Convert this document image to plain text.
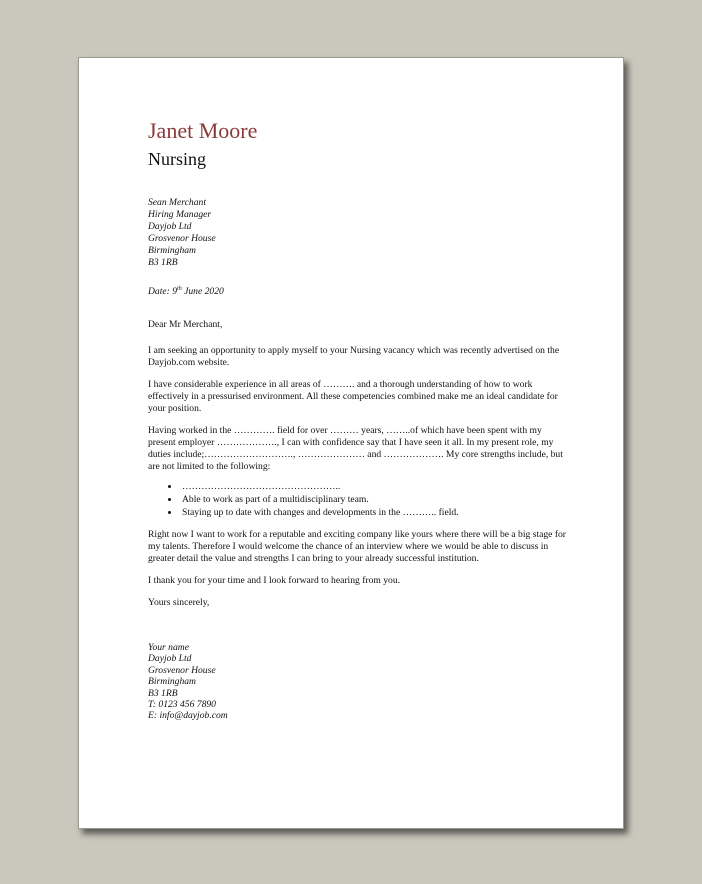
Janet Moore
Nursing
Sean Merchant
Hiring Manager
Dayjob Ltd
Grosvenor House
Birmingham
B3 1RB
Date: 9th June 2020

Dear Mr Merchant,

I am seeking an opportunity to apply myself to your Nursing vacancy which was recently advertised on the Dayjob.com website.

I have considerable experience in all areas of ………. and a thorough understanding of how to work effectively in a pressurised environment. All these competencies combined make me an ideal candidate for your position.

Having worked in the …………. field for over ……… years, ……..of which have been spent with my present employer ………………., I can with confidence say that I have seen it all. In my present role, my duties include;………………………., ………………… and ………………. My core strengths include, but are not limited to the following:

• …………………………………………..
• Able to work as part of a multidisciplinary team.
• Staying up to date with changes and developments in the ……….. field.

Right now I want to work for a reputable and exciting company like yours where there will be a big stage for my talents. Therefore I would welcome the chance of an interview where we would be able to discuss in greater detail the value and strengths I can bring to your already successful institution.

I thank you for your time and I look forward to hearing from you.

Yours sincerely,

Your name
Dayjob Ltd
Grosvenor House
Birmingham
B3 1RB
T: 0123 456 7890
E: info@dayjob.com
